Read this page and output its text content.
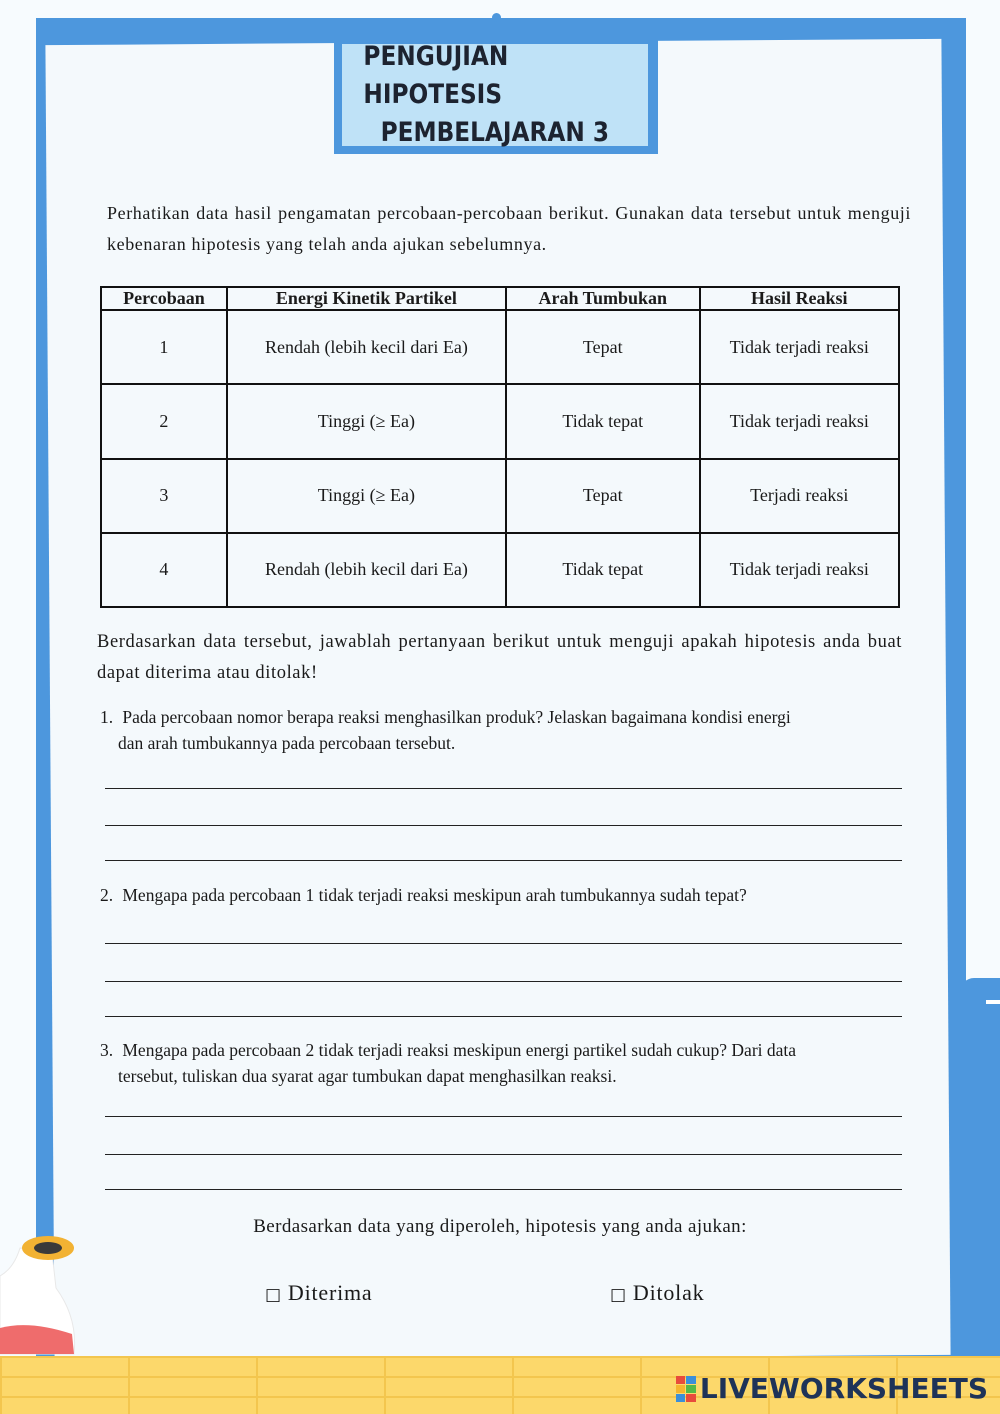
PENGUJIAN HIPOTESIS
PEMBELAJARAN 3
Perhatikan data hasil pengamatan percobaan-percobaan berikut. Gunakan data tersebut untuk menguji kebenaran hipotesis yang telah anda ajukan sebelumnya.
Percobaan	Energi Kinetik Partikel	Arah Tumbukan	Hasil Reaksi
1	Rendah (lebih kecil dari Ea)	Tepat	Tidak terjadi reaksi
2	Tinggi (≥ Ea)	Tidak tepat	Tidak terjadi reaksi
3	Tinggi (≥ Ea)	Tepat	Terjadi reaksi
4	Rendah (lebih kecil dari Ea)	Tidak tepat	Tidak terjadi reaksi
Berdasarkan data tersebut, jawablah pertanyaan berikut untuk menguji apakah hipotesis anda buat dapat diterima atau ditolak!
1. Pada percobaan nomor berapa reaksi menghasilkan produk? Jelaskan bagaimana kondisi energi
dan arah tumbukannya pada percobaan tersebut.
2. Mengapa pada percobaan 1 tidak terjadi reaksi meskipun arah tumbukannya sudah tepat?
3. Mengapa pada percobaan 2 tidak terjadi reaksi meskipun energi partikel sudah cukup? Dari data
tersebut, tuliskan dua syarat agar tumbukan dapat menghasilkan reaksi.
Berdasarkan data yang diperoleh, hipotesis yang anda ajukan:
□ Diterima	□ Ditolak
LIVEWORKSHEETS
